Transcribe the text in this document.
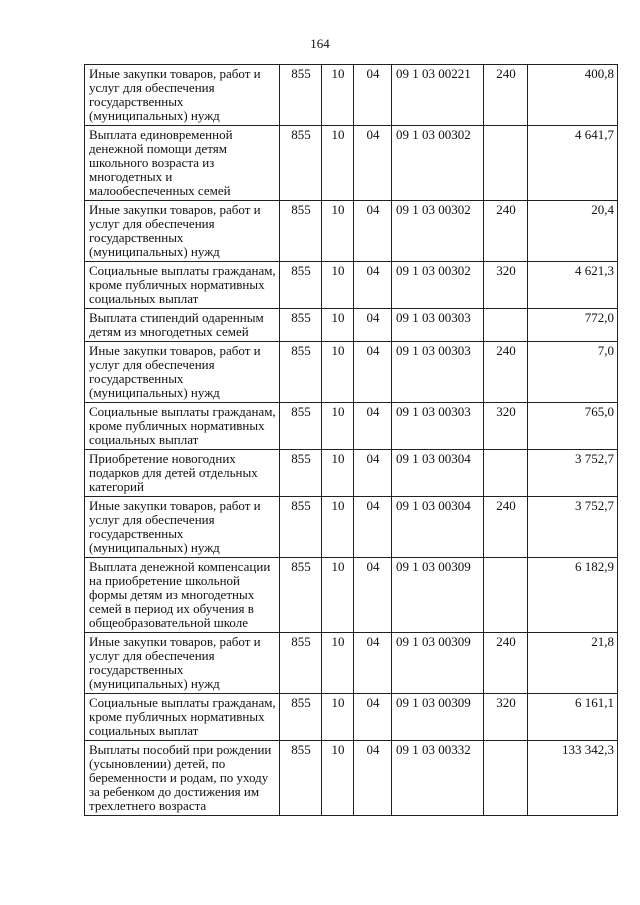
164
Иные закупки товаров, работ и услуг для обеспечения государственных (муниципальных) нужд	855	10	04	09 1 03 00221	240	400,8
Выплата единовременной денежной помощи детям школьного возраста из многодетных и малообеспеченных семей	855	10	04	09 1 03 00302		4 641,7
Иные закупки товаров, работ и услуг для обеспечения государственных (муниципальных) нужд	855	10	04	09 1 03 00302	240	20,4
Социальные выплаты гражданам, кроме публичных нормативных социальных выплат	855	10	04	09 1 03 00302	320	4 621,3
Выплата стипендий одаренным детям из многодетных семей	855	10	04	09 1 03 00303		772,0
Иные закупки товаров, работ и услуг для обеспечения государственных (муниципальных) нужд	855	10	04	09 1 03 00303	240	7,0
Социальные выплаты гражданам, кроме публичных нормативных социальных выплат	855	10	04	09 1 03 00303	320	765,0
Приобретение новогодних подарков для детей отдельных категорий	855	10	04	09 1 03 00304		3 752,7
Иные закупки товаров, работ и услуг для обеспечения государственных (муниципальных) нужд	855	10	04	09 1 03 00304	240	3 752,7
Выплата денежной компенсации на приобретение школьной формы детям из многодетных семей в период их обучения в общеобразовательной школе	855	10	04	09 1 03 00309		6 182,9
Иные закупки товаров, работ и услуг для обеспечения государственных (муниципальных) нужд	855	10	04	09 1 03 00309	240	21,8
Социальные выплаты гражданам, кроме публичных нормативных социальных выплат	855	10	04	09 1 03 00309	320	6 161,1
Выплаты пособий при рождении (усыновлении) детей, по беременности и родам, по уходу за ребенком до достижения им трехлетнего возраста	855	10	04	09 1 03 00332		133 342,3
